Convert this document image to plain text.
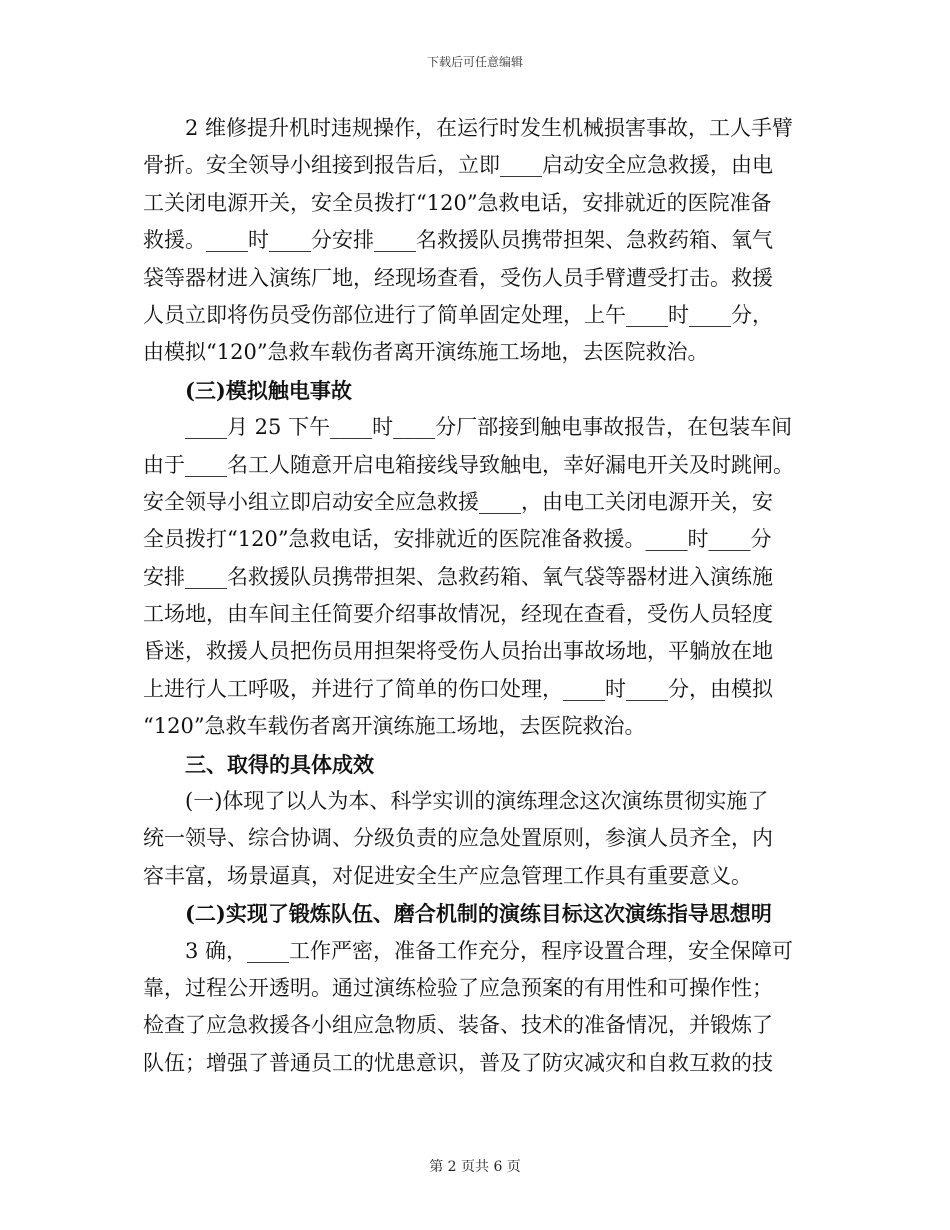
下载后可任意编辑
2 维修提升机时违规操作，在运行时发生机械损害事故，工人手臂
骨折。安全领导小组接到报告后，立即____启动安全应急救援，由电
工关闭电源开关，安全员拨打“120”急救电话，安排就近的医院准备
救援。____时____分安排____名救援队员携带担架、急救药箱、氧气
袋等器材进入演练厂地，经现场查看，受伤人员手臂遭受打击。救援
人员立即将伤员受伤部位进行了简单固定处理，上午____时____分，
由模拟“120”急救车载伤者离开演练施工场地，去医院救治。
(三)模拟触电事故
____月 25 下午____时____分厂部接到触电事故报告，在包装车间
由于____名工人随意开启电箱接线导致触电，幸好漏电开关及时跳闸。
安全领导小组立即启动安全应急救援____，由电工关闭电源开关，安
全员拨打“120”急救电话，安排就近的医院准备救援。____时____分
安排____名救援队员携带担架、急救药箱、氧气袋等器材进入演练施
工场地，由车间主任简要介绍事故情况，经现在查看，受伤人员轻度
昏迷，救援人员把伤员用担架将受伤人员抬出事故场地，平躺放在地
上进行人工呼吸，并进行了简单的伤口处理，____时____分，由模拟
“120”急救车载伤者离开演练施工场地，去医院救治。
三、取得的具体成效
(一)体现了以人为本、科学实训的演练理念这次演练贯彻实施了
统一领导、综合协调、分级负责的应急处置原则，参演人员齐全，内
容丰富，场景逼真，对促进安全生产应急管理工作具有重要意义。
(二)实现了锻炼队伍、磨合机制的演练目标这次演练指导思想明
3 确，____工作严密，准备工作充分，程序设置合理，安全保障可
靠，过程公开透明。通过演练检验了应急预案的有用性和可操作性；
检查了应急救援各小组应急物质、装备、技术的准备情况，并锻炼了
队伍；增强了普通员工的忧患意识，普及了防灾减灾和自救互救的技
第 2 页共 6 页
